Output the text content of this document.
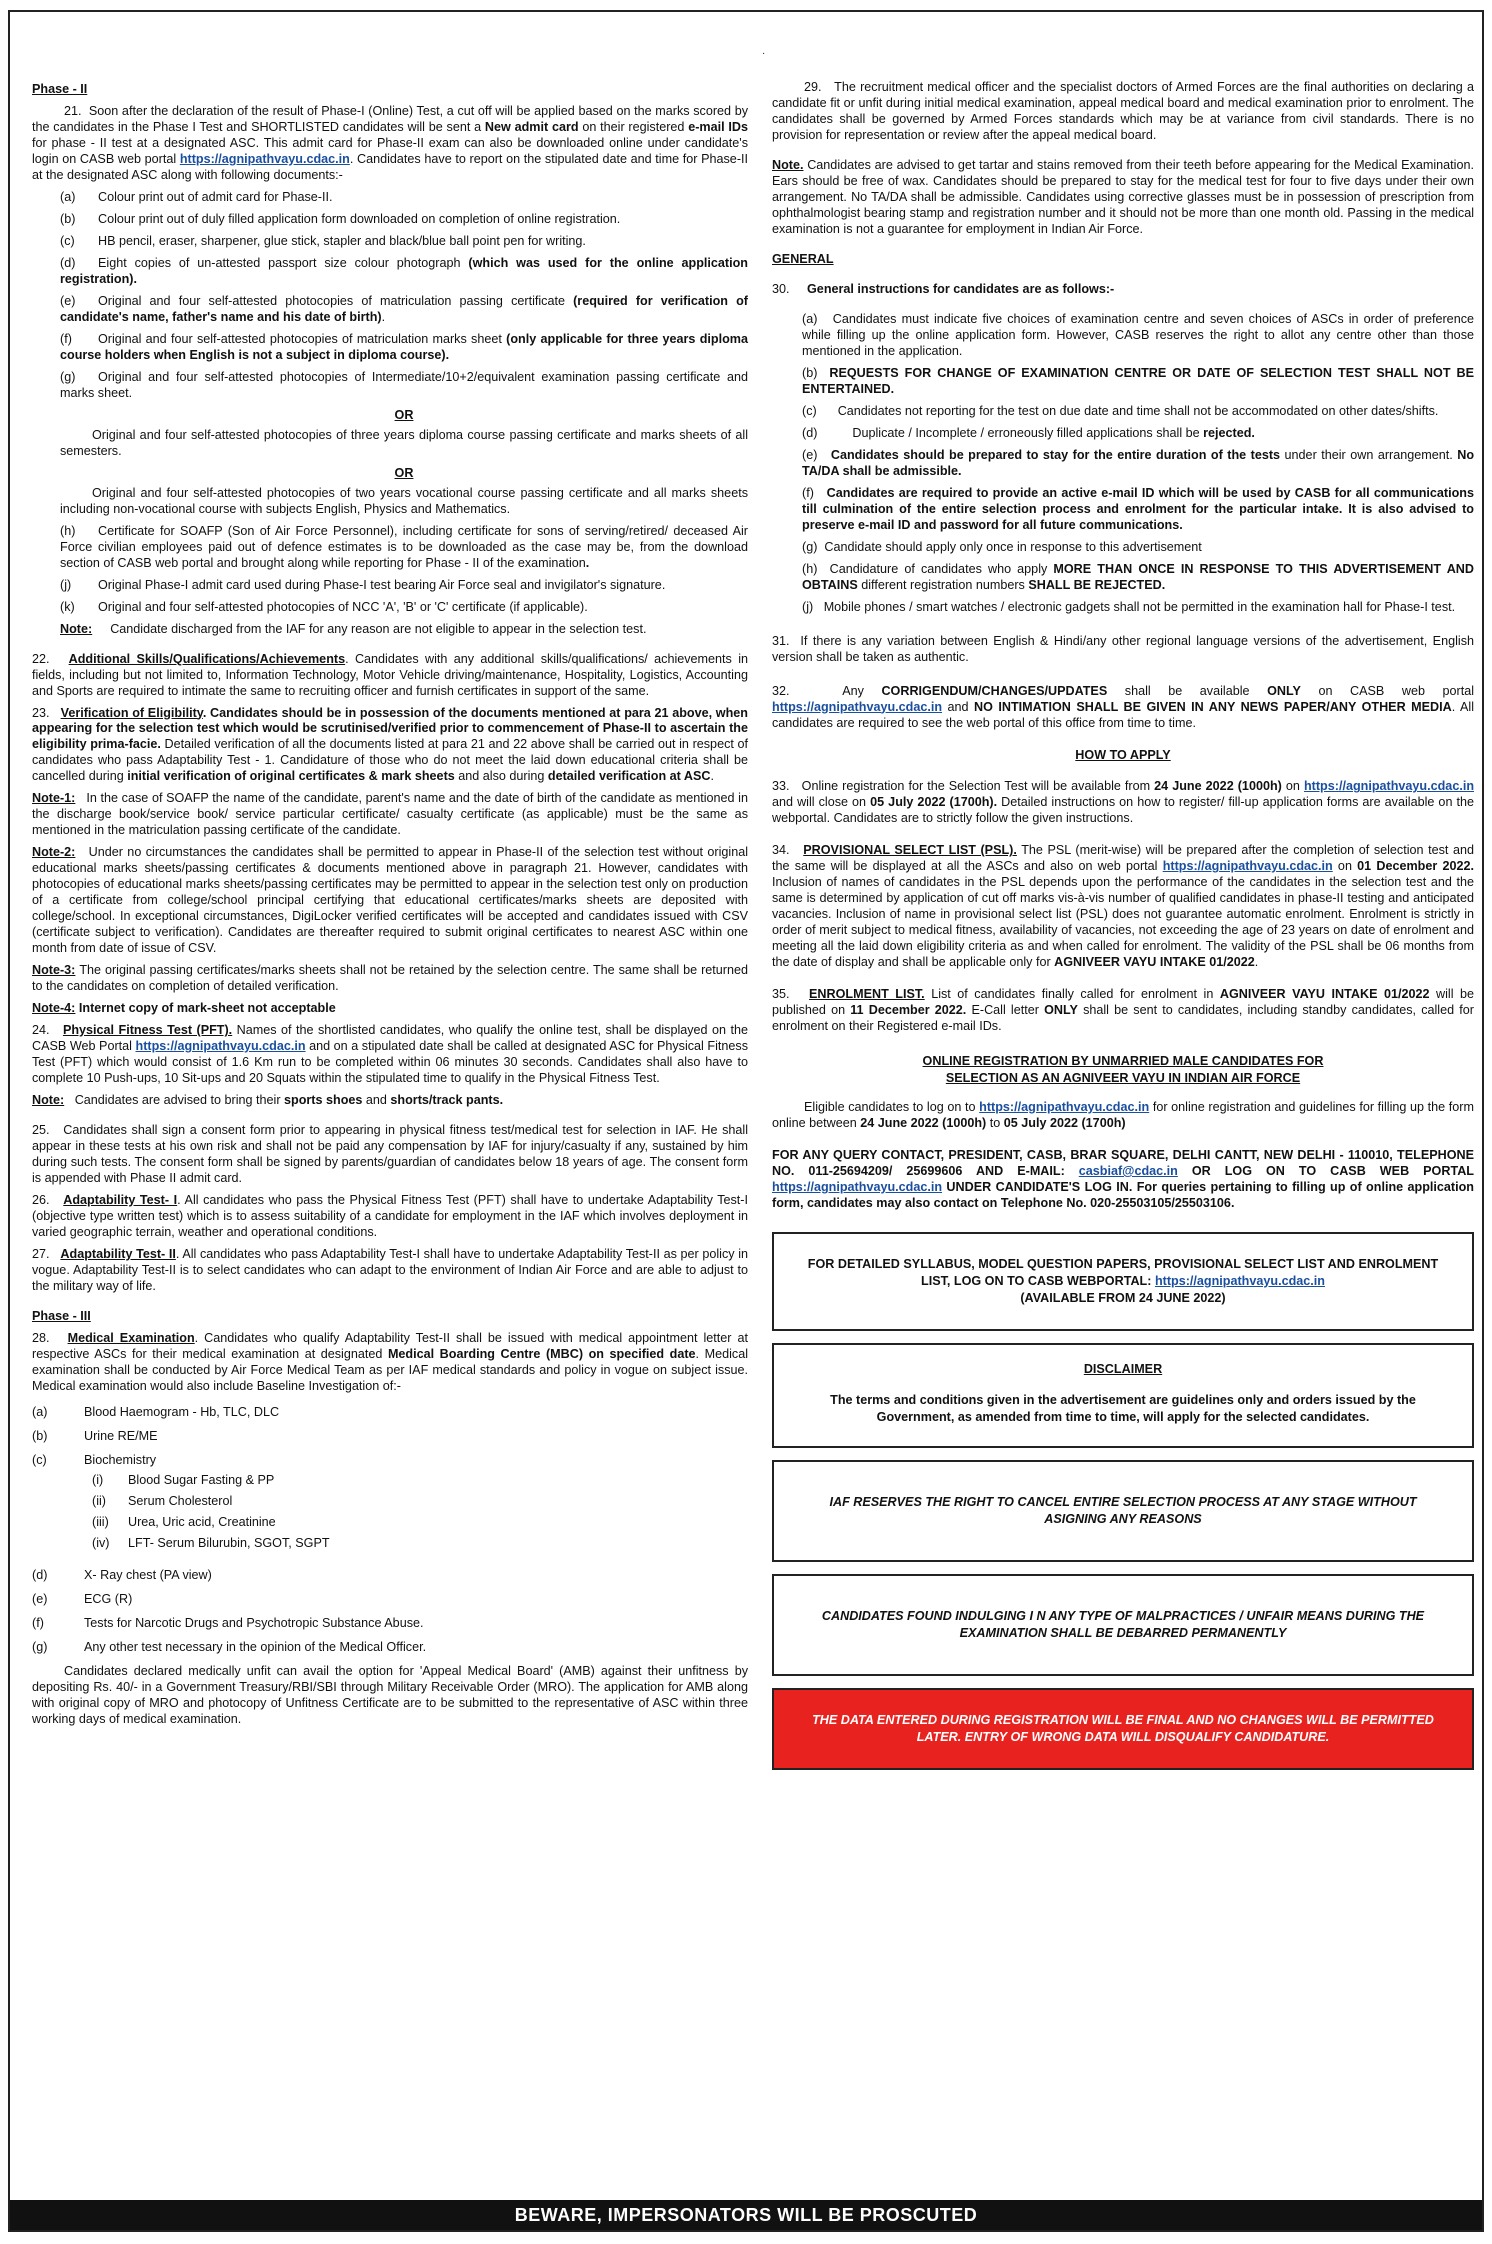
·
Phase - II

21. Soon after the declaration of the result of Phase-I (Online) Test, a cut off will be applied based on the marks scored by the candidates in the Phase I Test and SHORTLISTED candidates will be sent a New admit card on their registered e-mail IDs for phase - II test at a designated ASC. This admit card for Phase-II exam can also be downloaded online under candidate's login on CASB web portal https://agnipathvayu.cdac.in. Candidates have to report on the stipulated date and time for Phase-II at the designated ASC along with following documents:-

(a) Colour print out of admit card for Phase-II.

(b) Colour print out of duly filled application form downloaded on completion of online registration.

(c) HB pencil, eraser, sharpener, glue stick, stapler and black/blue ball point pen for writing.

(d) Eight copies of un-attested passport size colour photograph (which was used for the online application registration).

(e) Original and four self-attested photocopies of matriculation passing certificate (required for verification of candidate's name, father's name and his date of birth).

(f) Original and four self-attested photocopies of matriculation marks sheet (only applicable for three years diploma course holders when English is not a subject in diploma course).

(g) Original and four self-attested photocopies of Intermediate/10+2/equivalent examination passing certificate and marks sheet.

OR

Original and four self-attested photocopies of three years diploma course passing certificate and marks sheets of all semesters.

OR

Original and four self-attested photocopies of two years vocational course passing certificate and all marks sheets including non-vocational course with subjects English, Physics and Mathematics.

(h) Certificate for SOAFP (Son of Air Force Personnel), including certificate for sons of serving/retired/ deceased Air Force civilian employees paid out of defence estimates is to be downloaded as the case may be, from the download section of CASB web portal and brought along while reporting for Phase - II of the examination.

(j) Original Phase-I admit card used during Phase-I test bearing Air Force seal and invigilator's signature.

(k) Original and four self-attested photocopies of NCC 'A', 'B' or 'C' certificate (if applicable).

Note: Candidate discharged from the IAF for any reason are not eligible to appear in the selection test.

22. Additional Skills/Qualifications/Achievements. Candidates with any additional skills/qualifications/ achievements in fields, including but not limited to, Information Technology, Motor Vehicle driving/maintenance, Hospitality, Logistics, Accounting and Sports are required to intimate the same to recruiting officer and furnish certificates in support of the same.

23. Verification of Eligibility. Candidates should be in possession of the documents mentioned at para 21 above, when appearing for the selection test which would be scrutinised/verified prior to commencement of Phase-II to ascertain the eligibility prima-facie. Detailed verification of all the documents listed at para 21 and 22 above shall be carried out in respect of candidates who pass Adaptability Test - 1. Candidature of those who do not meet the laid down educational criteria shall be cancelled during initial verification of original certificates & mark sheets and also during detailed verification at ASC.

Note-1: In the case of SOAFP the name of the candidate, parent's name and the date of birth of the candidate as mentioned in the discharge book/service book/ service particular certificate/ casualty certificate (as applicable) must be the same as mentioned in the matriculation passing certificate of the candidate.

Note-2: Under no circumstances the candidates shall be permitted to appear in Phase-II of the selection test without original educational marks sheets/passing certificates & documents mentioned above in paragraph 21. However, candidates with photocopies of educational marks sheets/passing certificates may be permitted to appear in the selection test only on production of a certificate from college/school principal certifying that educational certificates/marks sheets are deposited with college/school. In exceptional circumstances, DigiLocker verified certificates will be accepted and candidates issued with CSV (certificate subject to verification). Candidates are thereafter required to submit original certificates to nearest ASC within one month from date of issue of CSV.

Note-3: The original passing certificates/marks sheets shall not be retained by the selection centre. The same shall be returned to the candidates on completion of detailed verification.

Note-4: Internet copy of mark-sheet not acceptable

24. Physical Fitness Test (PFT). Names of the shortlisted candidates, who qualify the online test, shall be displayed on the CASB Web Portal https://agnipathvayu.cdac.in and on a stipulated date shall be called at designated ASC for Physical Fitness Test (PFT) which would consist of 1.6 Km run to be completed within 06 minutes 30 seconds. Candidates shall also have to complete 10 Push-ups, 10 Sit-ups and 20 Squats within the stipulated time to qualify in the Physical Fitness Test.

Note: Candidates are advised to bring their sports shoes and shorts/track pants.

25. Candidates shall sign a consent form prior to appearing in physical fitness test/medical test for selection in IAF. He shall appear in these tests at his own risk and shall not be paid any compensation by IAF for injury/casualty if any, sustained by him during such tests. The consent form shall be signed by parents/guardian of candidates below 18 years of age. The consent form is appended with Phase II admit card.

26. Adaptability Test- I. All candidates who pass the Physical Fitness Test (PFT) shall have to undertake Adaptability Test-I (objective type written test) which is to assess suitability of a candidate for employment in the IAF which involves deployment in varied geographic terrain, weather and operational conditions.

27. Adaptability Test- II. All candidates who pass Adaptability Test-I shall have to undertake Adaptability Test-II as per policy in vogue. Adaptability Test-II is to select candidates who can adapt to the environment of Indian Air Force and are able to adjust to the military way of life.

Phase - III

28. Medical Examination. Candidates who qualify Adaptability Test-II shall be issued with medical appointment letter at respective ASCs for their medical examination at designated Medical Boarding Centre (MBC) on specified date. Medical examination shall be conducted by Air Force Medical Team as per IAF medical standards and policy in vogue on subject issue. Medical examination would also include Baseline Investigation of:-

(a)	Blood Haemogram - Hb, TLC, DLC
(b)	Urine RE/ME
(c)	Biochemistry
(i)	Blood Sugar Fasting & PP
(ii)	Serum Cholesterol
(iii)	Urea, Uric acid, Creatinine
(iv)	LFT- Serum Bilurubin, SGOT, SGPT
(d)	X- Ray chest (PA view)
(e)	ECG (R)
(f)	Tests for Narcotic Drugs and Psychotropic Substance Abuse.
(g)	Any other test necessary in the opinion of the Medical Officer.

Candidates declared medically unfit can avail the option for 'Appeal Medical Board' (AMB) against their unfitness by depositing Rs. 40/- in a Government Treasury/RBI/SBI through Military Receivable Order (MRO). The application for AMB along with original copy of MRO and photocopy of Unfitness Certificate are to be submitted to the representative of ASC within three working days of medical examination.

29. The recruitment medical officer and the specialist doctors of Armed Forces are the final authorities on declaring a candidate fit or unfit during initial medical examination, appeal medical board and medical examination prior to enrolment. The candidates shall be governed by Armed Forces standards which may be at variance from civil standards. There is no provision for representation or review after the appeal medical board.

Note. Candidates are advised to get tartar and stains removed from their teeth before appearing for the Medical Examination. Ears should be free of wax. Candidates should be prepared to stay for the medical test for four to five days under their own arrangement. No TA/DA shall be admissible. Candidates using corrective glasses must be in possession of prescription from ophthalmologist bearing stamp and registration number and it should not be more than one month old. Passing in the medical examination is not a guarantee for employment in Indian Air Force.

GENERAL

30. General instructions for candidates are as follows:-

(a) Candidates must indicate five choices of examination centre and seven choices of ASCs in order of preference while filling up the online application form. However, CASB reserves the right to allot any centre other than those mentioned in the application.

(b) REQUESTS FOR CHANGE OF EXAMINATION CENTRE OR DATE OF SELECTION TEST SHALL NOT BE ENTERTAINED.

(c) Candidates not reporting for the test on due date and time shall not be accommodated on other dates/shifts.

(d)	Duplicate / Incomplete / erroneously filled applications shall be rejected.

(e) Candidates should be prepared to stay for the entire duration of the tests under their own arrangement. No TA/DA shall be admissible.

(f) Candidates are required to provide an active e-mail ID which will be used by CASB for all communications till culmination of the entire selection process and enrolment for the particular intake. It is also advised to preserve e-mail ID and password for all future communications.

(g) Candidate should apply only once in response to this advertisement

(h) Candidature of candidates who apply MORE THAN ONCE IN RESPONSE TO THIS ADVERTISEMENT AND OBTAINS different registration numbers SHALL BE REJECTED.

(j) Mobile phones / smart watches / electronic gadgets shall not be permitted in the examination hall for Phase-I test.

31. If there is any variation between English & Hindi/any other regional language versions of the advertisement, English version shall be taken as authentic.

32.	Any CORRIGENDUM/CHANGES/UPDATES shall be available ONLY on CASB web portal https://agnipathvayu.cdac.in and NO INTIMATION SHALL BE GIVEN IN ANY NEWS PAPER/ANY OTHER MEDIA. All candidates are required to see the web portal of this office from time to time.

HOW TO APPLY

33. Online registration for the Selection Test will be available from 24 June 2022 (1000h) on https://agnipathvayu.cdac.in and will close on 05 July 2022 (1700h). Detailed instructions on how to register/ fill-up application forms are available on the webportal. Candidates are to strictly follow the given instructions.

34. PROVISIONAL SELECT LIST (PSL). The PSL (merit-wise) will be prepared after the completion of selection test and the same will be displayed at all the ASCs and also on web portal https://agnipathvayu.cdac.in on 01 December 2022. Inclusion of names of candidates in the PSL depends upon the performance of the candidates in the selection test and the same is determined by application of cut off marks vis-à-vis number of qualified candidates in phase-II testing and anticipated vacancies. Inclusion of name in provisional select list (PSL) does not guarantee automatic enrolment. Enrolment is strictly in order of merit subject to medical fitness, availability of vacancies, not exceeding the age of 23 years on date of enrolment and meeting all the laid down eligibility criteria as and when called for enrolment. The validity of the PSL shall be 06 months from the date of display and shall be applicable only for AGNIVEER VAYU INTAKE 01/2022.

35. ENROLMENT LIST. List of candidates finally called for enrolment in AGNIVEER VAYU INTAKE 01/2022 will be published on 11 December 2022. E-Call letter ONLY shall be sent to candidates, including standby candidates, called for enrolment on their Registered e-mail IDs.

ONLINE REGISTRATION BY UNMARRIED MALE CANDIDATES FOR
SELECTION AS AN AGNIVEER VAYU IN INDIAN AIR FORCE

Eligible candidates to log on to https://agnipathvayu.cdac.in for online registration and guidelines for filling up the form online between 24 June 2022 (1000h) to 05 July 2022 (1700h)

FOR ANY QUERY CONTACT, PRESIDENT, CASB, BRAR SQUARE, DELHI CANTT, NEW DELHI - 110010, TELEPHONE NO. 011-25694209/ 25699606 AND E-MAIL: casbiaf@cdac.in OR LOG ON TO CASB WEB PORTAL https://agnipathvayu.cdac.in UNDER CANDIDATE'S LOG IN. For queries pertaining to filling up of online application form, candidates may also contact on Telephone No. 020-25503105/25503106.

FOR DETAILED SYLLABUS, MODEL QUESTION PAPERS, PROVISIONAL SELECT LIST AND ENROLMENT LIST, LOG ON TO CASB WEBPORTAL: https://agnipathvayu.cdac.in
(AVAILABLE FROM 24 JUNE 2022)
DISCLAIMER
The terms and conditions given in the advertisement are guidelines only and orders issued by the Government, as amended from time to time, will apply for the selected candidates.
IAF RESERVES THE RIGHT TO CANCEL ENTIRE SELECTION PROCESS AT ANY STAGE WITHOUT ASIGNING ANY REASONS
CANDIDATES FOUND INDULGING I N ANY TYPE OF MALPRACTICES / UNFAIR MEANS DURING THE EXAMINATION SHALL BE DEBARRED PERMANENTLY
THE DATA ENTERED DURING REGISTRATION WILL BE FINAL AND NO CHANGES WILL BE PERMITTED LATER. ENTRY OF WRONG DATA WILL DISQUALIFY CANDIDATURE.
BEWARE, IMPERSONATORS WILL BE PROSCUTED
